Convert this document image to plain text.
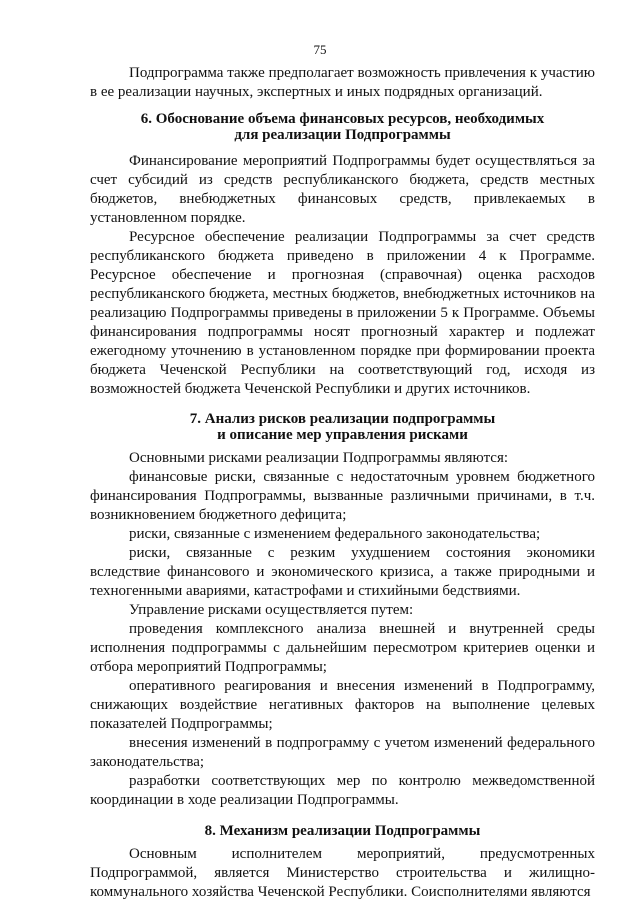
75

Подпрограмма также предполагает возможность привлечения к участию в ее реализации научных, экспертных и иных подрядных организаций.

6. Обоснование объема финансовых ресурсов, необходимых
для реализации Подпрограммы

Финансирование мероприятий Подпрограммы будет осуществляться за счет субсидий из средств республиканского бюджета, средств местных бюджетов, внебюджетных финансовых средств, привлекаемых в установленном порядке.

Ресурсное обеспечение реализации Подпрограммы за счет средств республиканского бюджета приведено в приложении 4 к Программе. Ресурсное обеспечение и прогнозная (справочная) оценка расходов республиканского бюджета, местных бюджетов, внебюджетных источников на реализацию Подпрограммы приведены в приложении 5 к Программе. Объемы финансирования подпрограммы носят прогнозный характер и подлежат ежегодному уточнению в установленном порядке при формировании проекта бюджета Чеченской Республики на соответствующий год, исходя из возможностей бюджета Чеченской Республики и других источников.

7. Анализ рисков реализации подпрограммы
и описание мер управления рисками

Основными рисками реализации Подпрограммы являются:

финансовые риски, связанные с недостаточным уровнем бюджетного финансирования Подпрограммы, вызванные различными причинами, в т.ч. возникновением бюджетного дефицита;

риски, связанные с изменением федерального законодательства;

риски, связанные с резким ухудшением состояния экономики вследствие финансового и экономического кризиса, а также природными и техногенными авариями, катастрофами и стихийными бедствиями.

Управление рисками осуществляется путем:

проведения комплексного анализа внешней и внутренней среды исполнения подпрограммы с дальнейшим пересмотром критериев оценки и отбора мероприятий Подпрограммы;

оперативного реагирования и внесения изменений в Подпрограмму, снижающих воздействие негативных факторов на выполнение целевых показателей Подпрограммы;

внесения изменений в подпрограмму с учетом изменений федерального законодательства;

разработки соответствующих мер по контролю межведомственной координации в ходе реализации Подпрограммы.

8. Механизм реализации Подпрограммы

Основным исполнителем мероприятий, предусмотренных Подпрограммой, является Министерство строительства и жилищно-коммунального хозяйства Чеченской Республики. Соисполнителями являются
